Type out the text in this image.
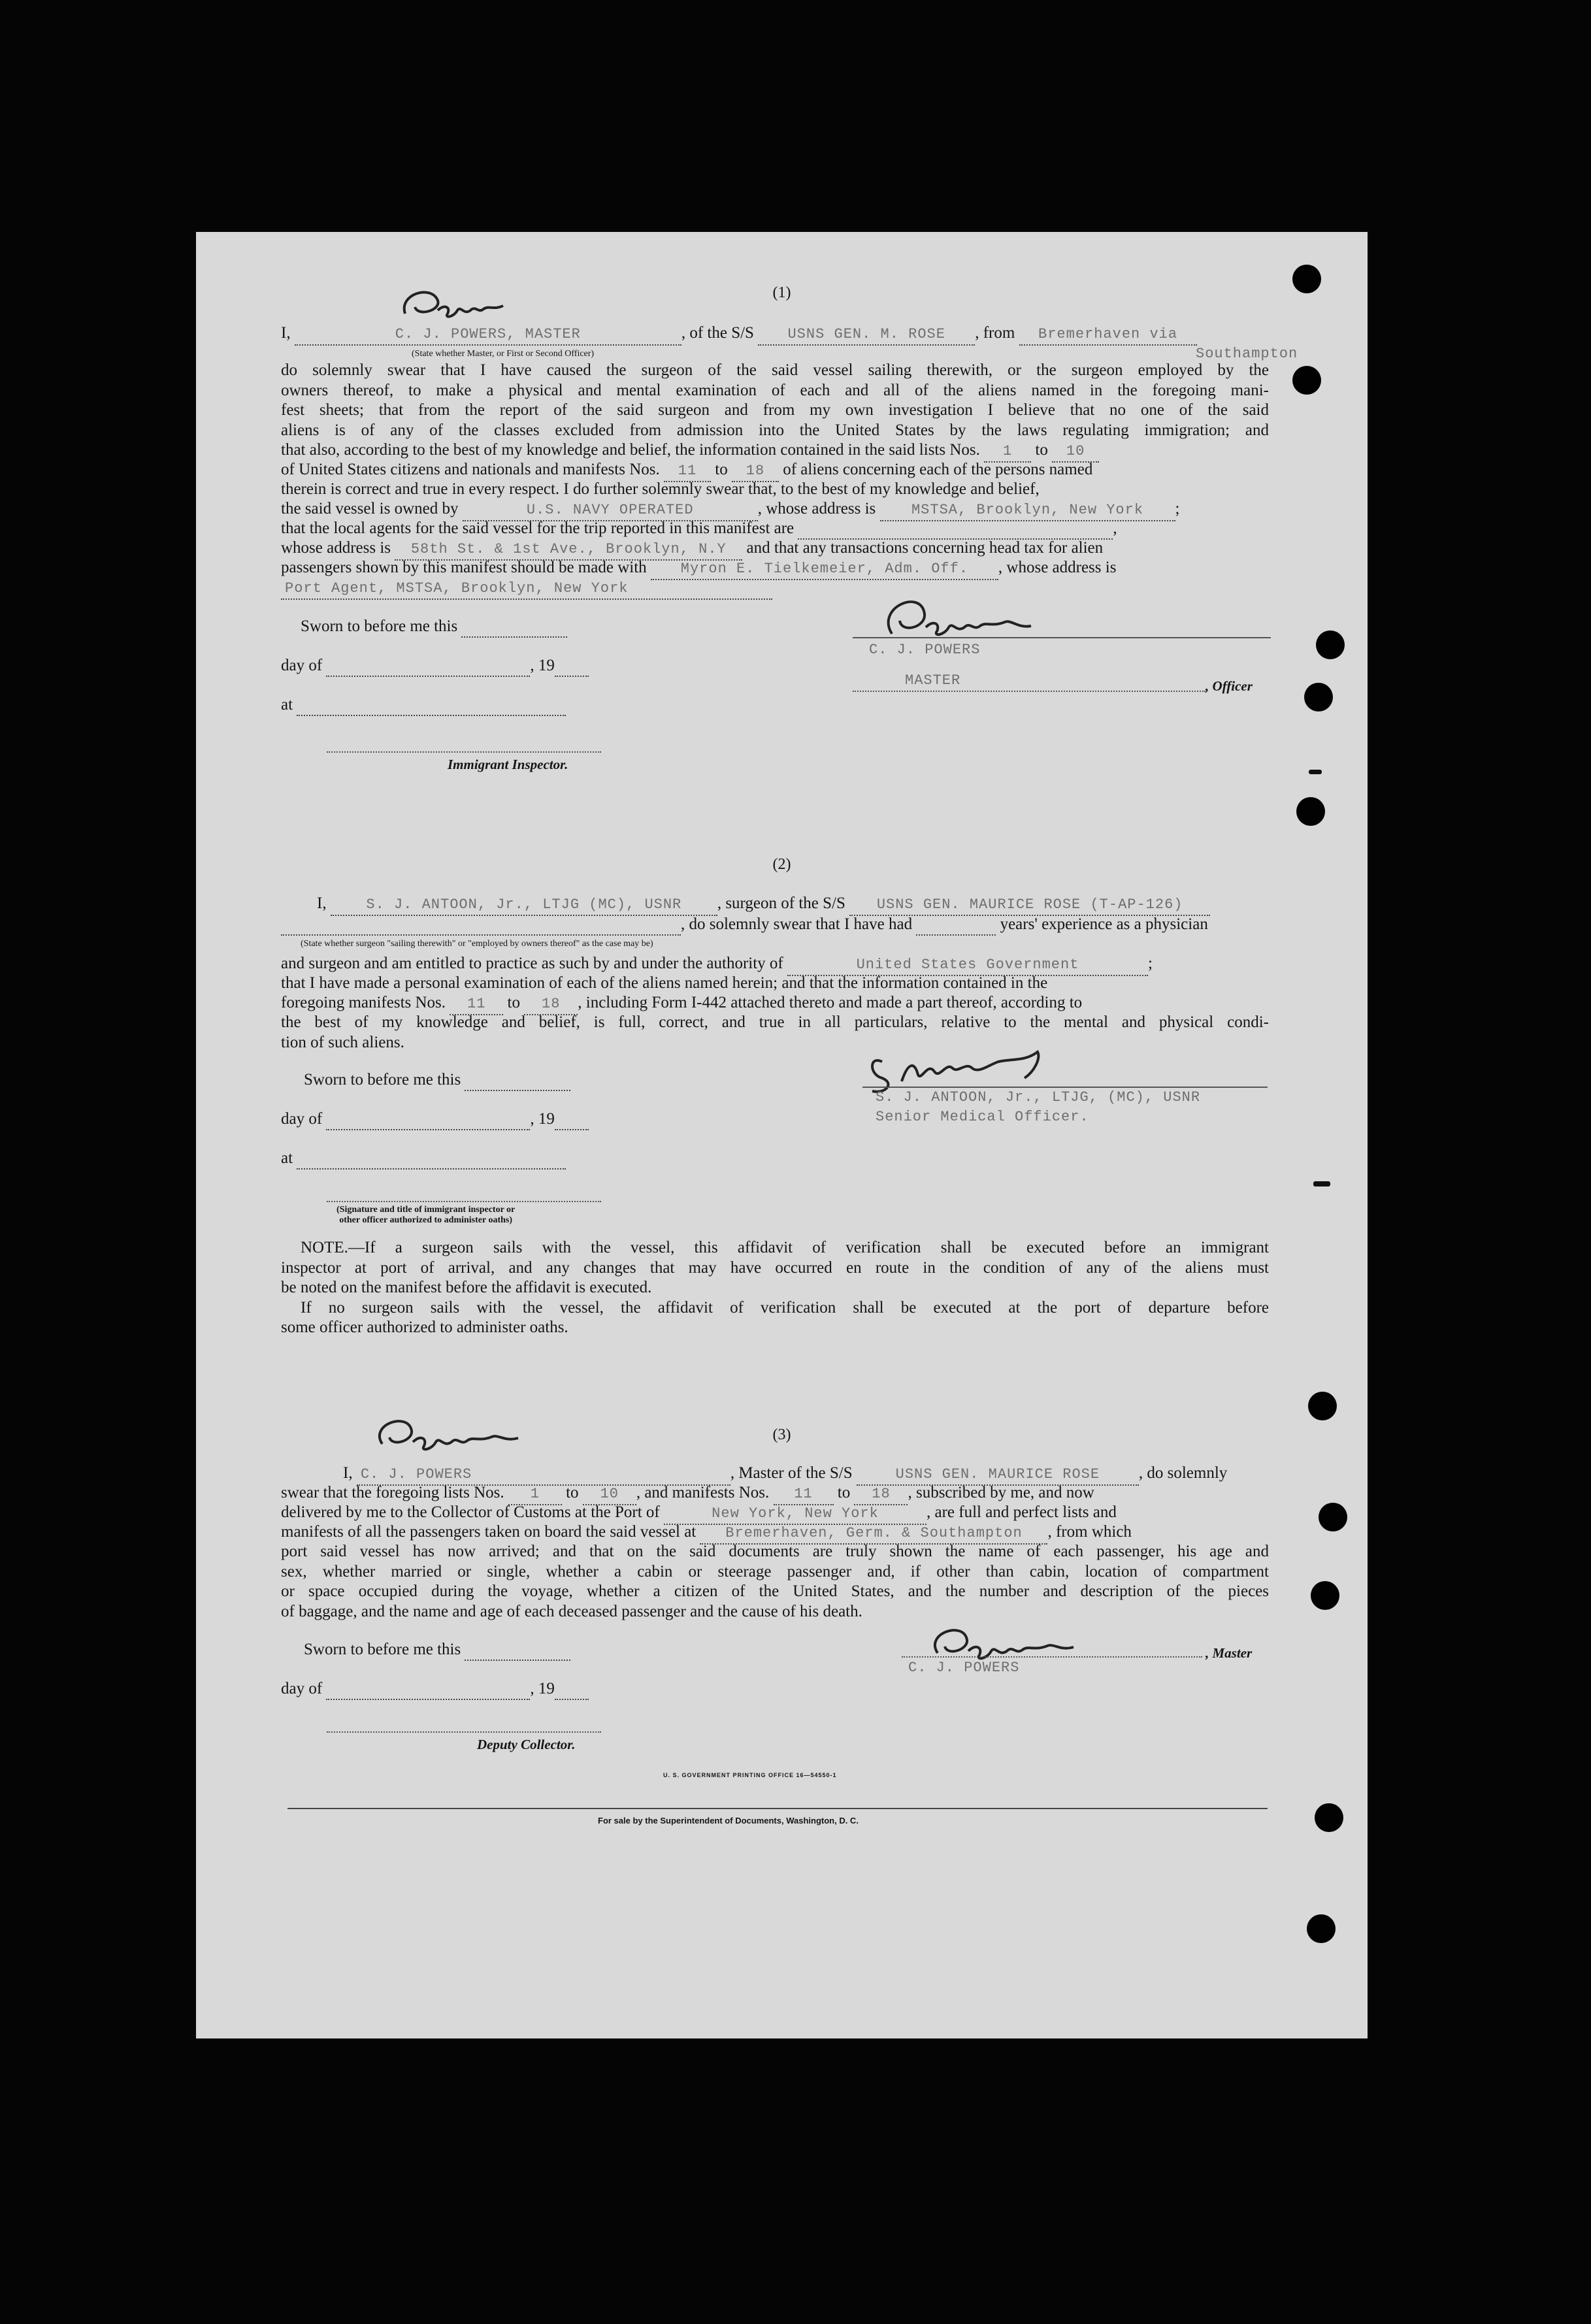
(1)
I,	C. J. POWERS, MASTER	, of the S/S USNS GEN. M. ROSE , from Bremerhaven via
(State whether Master, or First or Second Officer)	Southampton
do solemnly swear that I have caused the surgeon of the said vessel sailing therewith, or the surgeon employed by the
owners thereof, to make a physical and mental examination of each and all of the aliens named in the foregoing mani-
fest sheets; that from the report of the said surgeon and from my own investigation I believe that no one of the said
aliens is of any of the classes excluded from admission into the United States by the laws regulating immigration; and
that also, according to the best of my knowledge and belief, the information contained in the said lists Nos. 1 to 10
of United States citizens and nationals and manifests Nos. 11 to 18 of aliens concerning each of the persons named
therein is correct and true in every respect. I do further solemnly swear that, to the best of my knowledge and belief,
the said vessel is owned by	U.S. NAVY OPERATED	, whose address is MSTSA, Brooklyn, New York ;
that the local agents for the said vessel for the trip reported in this manifest are	,
whose address is 58th St. & 1st Ave., Brooklyn, N.Y and that any transactions concerning head tax for alien
passengers shown by this manifest should be made with Myron E. Tielkemeier, Adm. Off. , whose address is
Port Agent, MSTSA, Brooklyn, New York
Sworn to before me this
day of	, 19
at
Immigrant Inspector.
C. J. POWERS
MASTER	, Officer
(2)
I,	S. J. ANTOON, Jr., LTJG (MC), USNR , surgeon of the S/S USNS GEN. MAURICE ROSE (T-AP-126)
, do solemnly swear that I have had	years' experience as a physician
(State whether surgeon "sailing therewith" or "employed by owners thereof" as the case may be)
and surgeon and am entitled to practice as such by and under the authority of	United States Government	;
that I have made a personal examination of each of the aliens named herein; and that the information contained in the
foregoing manifests Nos. 11 to 18 , including Form I-442 attached thereto and made a part thereof, according to
the best of my knowledge and belief, is full, correct, and true in all particulars, relative to the mental and physical condi-
tion of such aliens.
Sworn to before me this
day of	, 19
at
(Signature and title of immigrant inspector or
other officer authorized to administer oaths)
S. J. ANTOON, Jr., LTJG, (MC), USNR
Senior Medical Officer.
NOTE.—If a surgeon sails with the vessel, this affidavit of verification shall be executed before an immigrant
inspector at port of arrival, and any changes that may have occurred en route in the condition of any of the aliens must
be noted on the manifest before the affidavit is executed.
If no surgeon sails with the vessel, the affidavit of verification shall be executed at the port of departure before
some officer authorized to administer oaths.
(3)
I, C. J. POWERS	, Master of the S/S	USNS GEN. MAURICE ROSE , do solemnly
swear that the foregoing lists Nos. 1 to 10 , and manifests Nos. 11 to 18 , subscribed by me, and now
delivered by me to the Collector of Customs at the Port of	New York, New York	, are full and perfect lists and
manifests of all the passengers taken on board the said vessel at Bremerhaven, Germ. & Southampton , from which
port said vessel has now arrived; and that on the said documents are truly shown the name of each passenger, his age and
sex, whether married or single, whether a cabin or steerage passenger and, if other than cabin, location of compartment
or space occupied during the voyage, whether a citizen of the United States, and the number and description of the pieces
of baggage, and the name and age of each deceased passenger and the cause of his death.
Sworn to before me this
day of	, 19
Deputy Collector.
C. J. POWERS
, Master
U. S. GOVERNMENT PRINTING OFFICE 16—54550-1
For sale by the Superintendent of Documents, Washington, D. C.
